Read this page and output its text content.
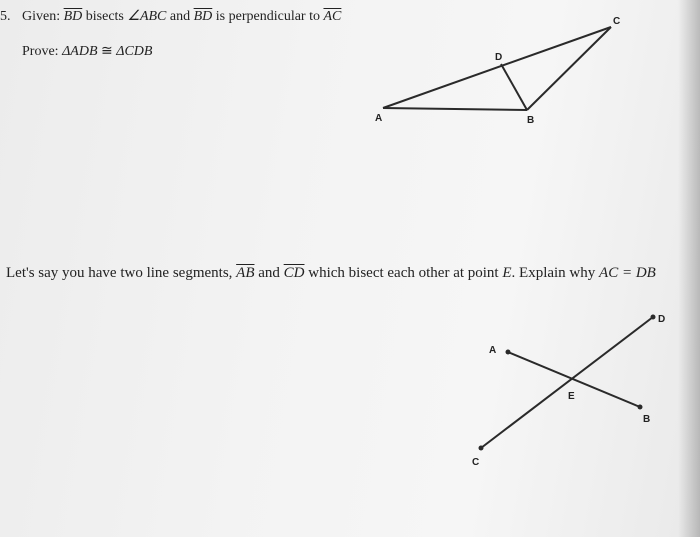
5. Given: $\overline{BD}$ bisects ∠ABC and $\overline{BD}$ is perpendicular to $\overline{AC}$
Prove: ΔADB ≅ ΔCDB
Let's say you have two line segments, $\overline{AB}$ and $\overline{CD}$ which bisect each other at point E. Explain why AC = DB
A	B
C
D
A
B
C
D
E
